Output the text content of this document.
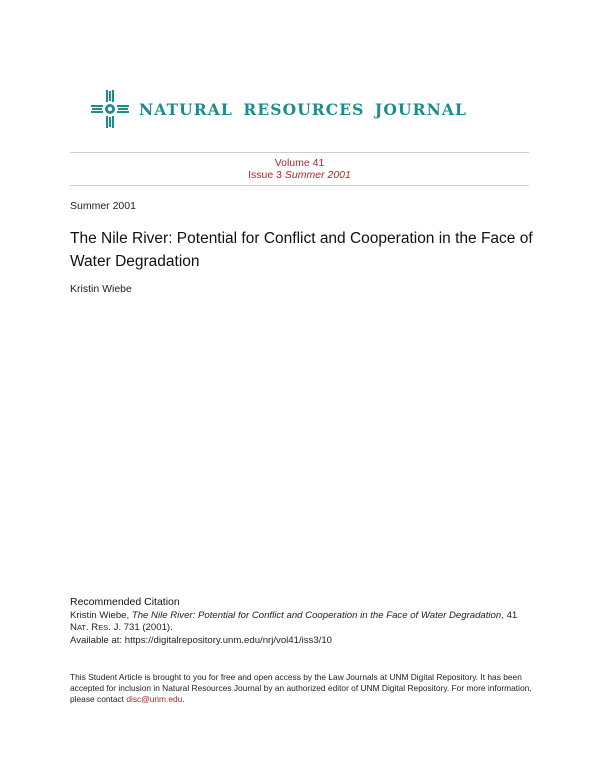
NATURAL RESOURCES JOURNAL
Volume 41
Issue 3 Summer 2001
Summer 2001
The Nile River: Potential for Conflict and Cooperation in the Face of Water Degradation
Kristin Wiebe
Recommended Citation
Kristin Wiebe, The Nile River: Potential for Conflict and Cooperation in the Face of Water Degradation, 41
NAT. RES. J. 731 (2001).
Available at: https://digitalrepository.unm.edu/nrj/vol41/iss3/10
This Student Article is brought to you for free and open access by the Law Journals at UNM Digital Repository. It has been accepted for inclusion in Natural Resources Journal by an authorized editor of UNM Digital Repository. For more information, please contact disc@unm.edu.
